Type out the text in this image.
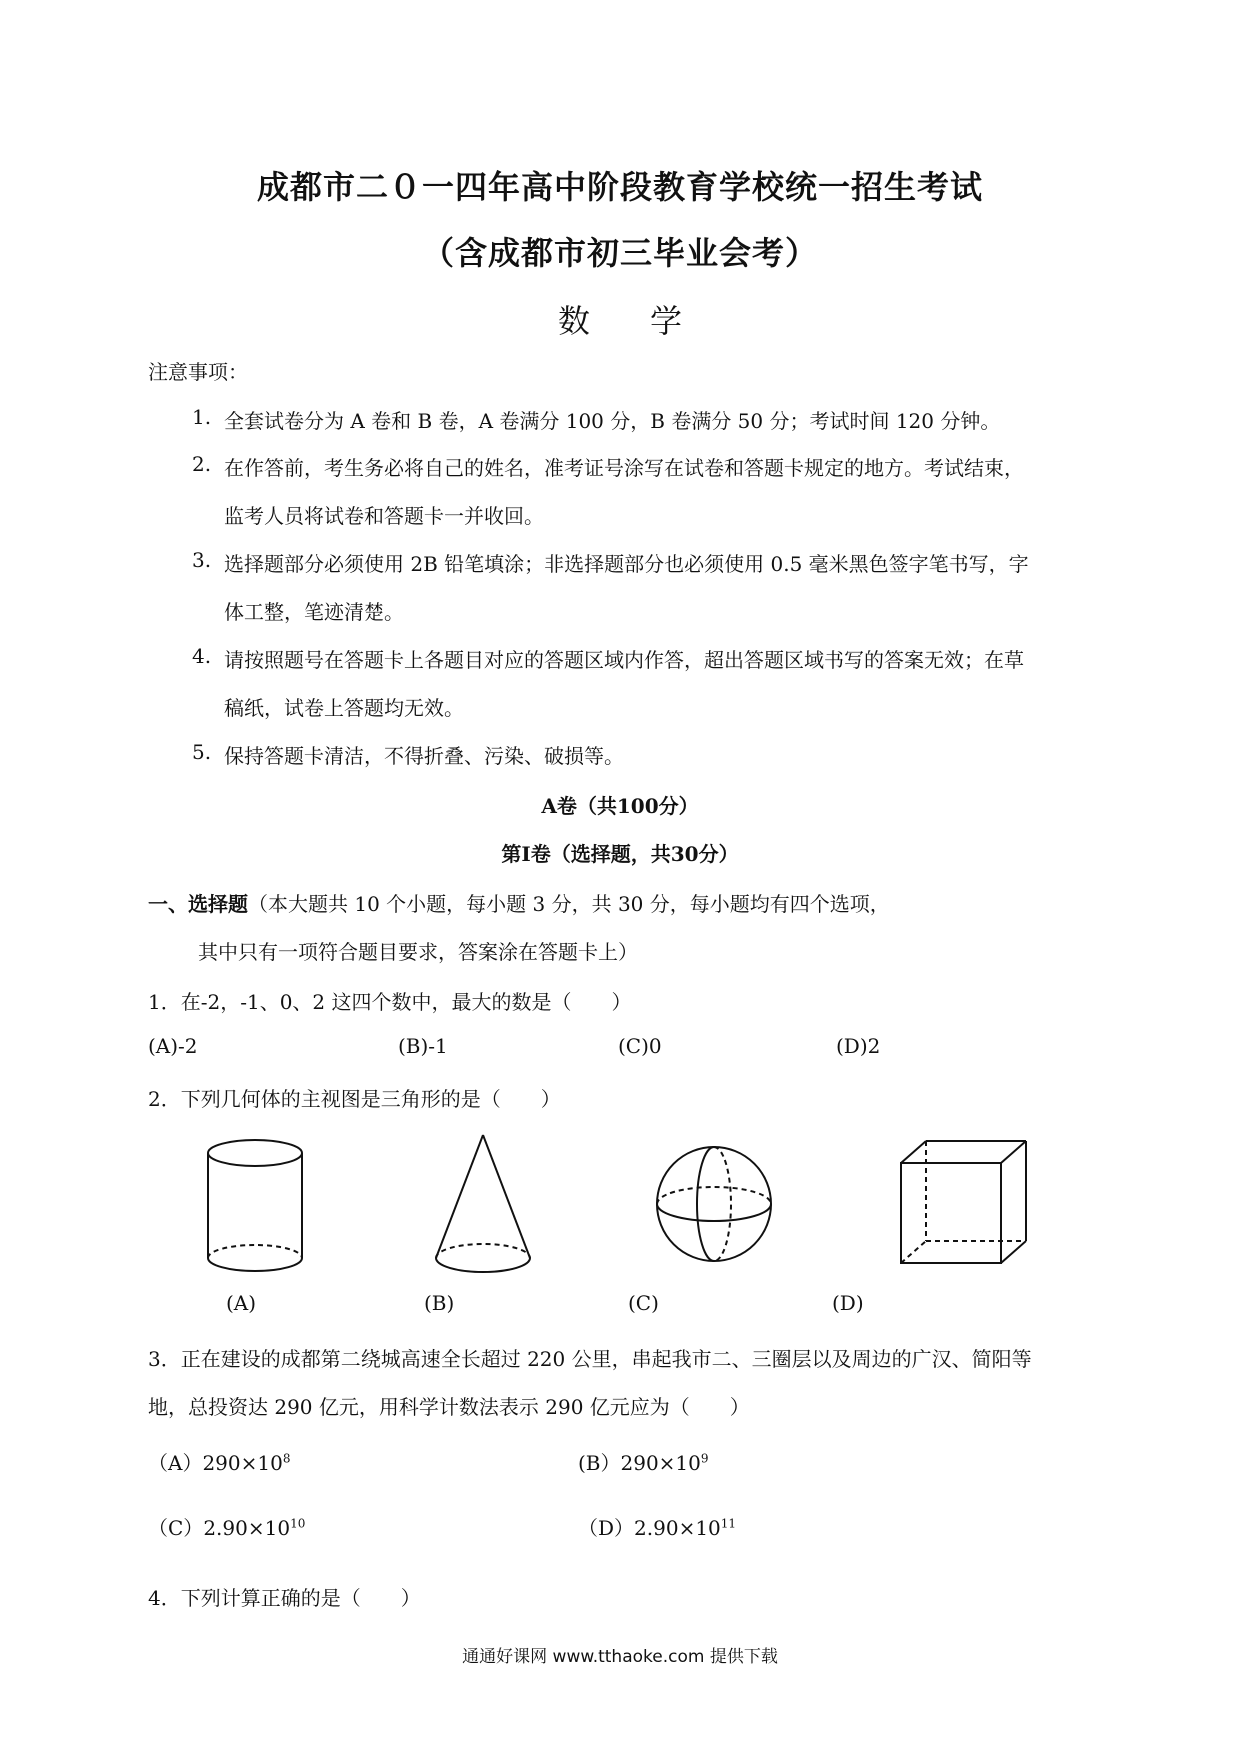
成都市二０一四年高中阶段教育学校统一招生考试
（含成都市初三毕业会考）
数学
注意事项：
1. 全套试卷分为 A 卷和 B 卷，A 卷满分 100 分，B 卷满分 50 分；考试时间 120 分钟。
2. 在作答前，考生务必将自己的姓名，准考证号涂写在试卷和答题卡规定的地方。考试结束，
监考人员将试卷和答题卡一并收回。
3. 选择题部分必须使用 2B 铅笔填涂；非选择题部分也必须使用 0.5 毫米黑色签字笔书写，字
体工整，笔迹清楚。
4. 请按照题号在答题卡上各题目对应的答题区域内作答，超出答题区域书写的答案无效；在草
稿纸，试卷上答题均无效。
5. 保持答题卡清洁，不得折叠、污染、破损等。
A卷（共100分）
第Ⅰ卷（选择题，共30分）
一、选择题（本大题共 10 个小题，每小题 3 分，共 30 分，每小题均有四个选项，
其中只有一项符合题目要求，答案涂在答题卡上）
1．在-2，-1、0、2 这四个数中，最大的数是（　　）
(A)-2	(B)-1	(C)0	(D)2
2．下列几何体的主视图是三角形的是（　　）
(A)	(B)	(C)	(D)
3．正在建设的成都第二绕城高速全长超过 220 公里，串起我市二、三圈层以及周边的广汉、简阳等
地，总投资达 290 亿元，用科学计数法表示 290 亿元应为（　　）
$(A)290\times 10^8$	$(B)290\times 10^9$
$(C)2.90\times 10^{10}$	$(D)2.90\times 10^{11}$
4．下列计算正确的是（　　）
通通好课网 www.tthaoke.com 提供下载
